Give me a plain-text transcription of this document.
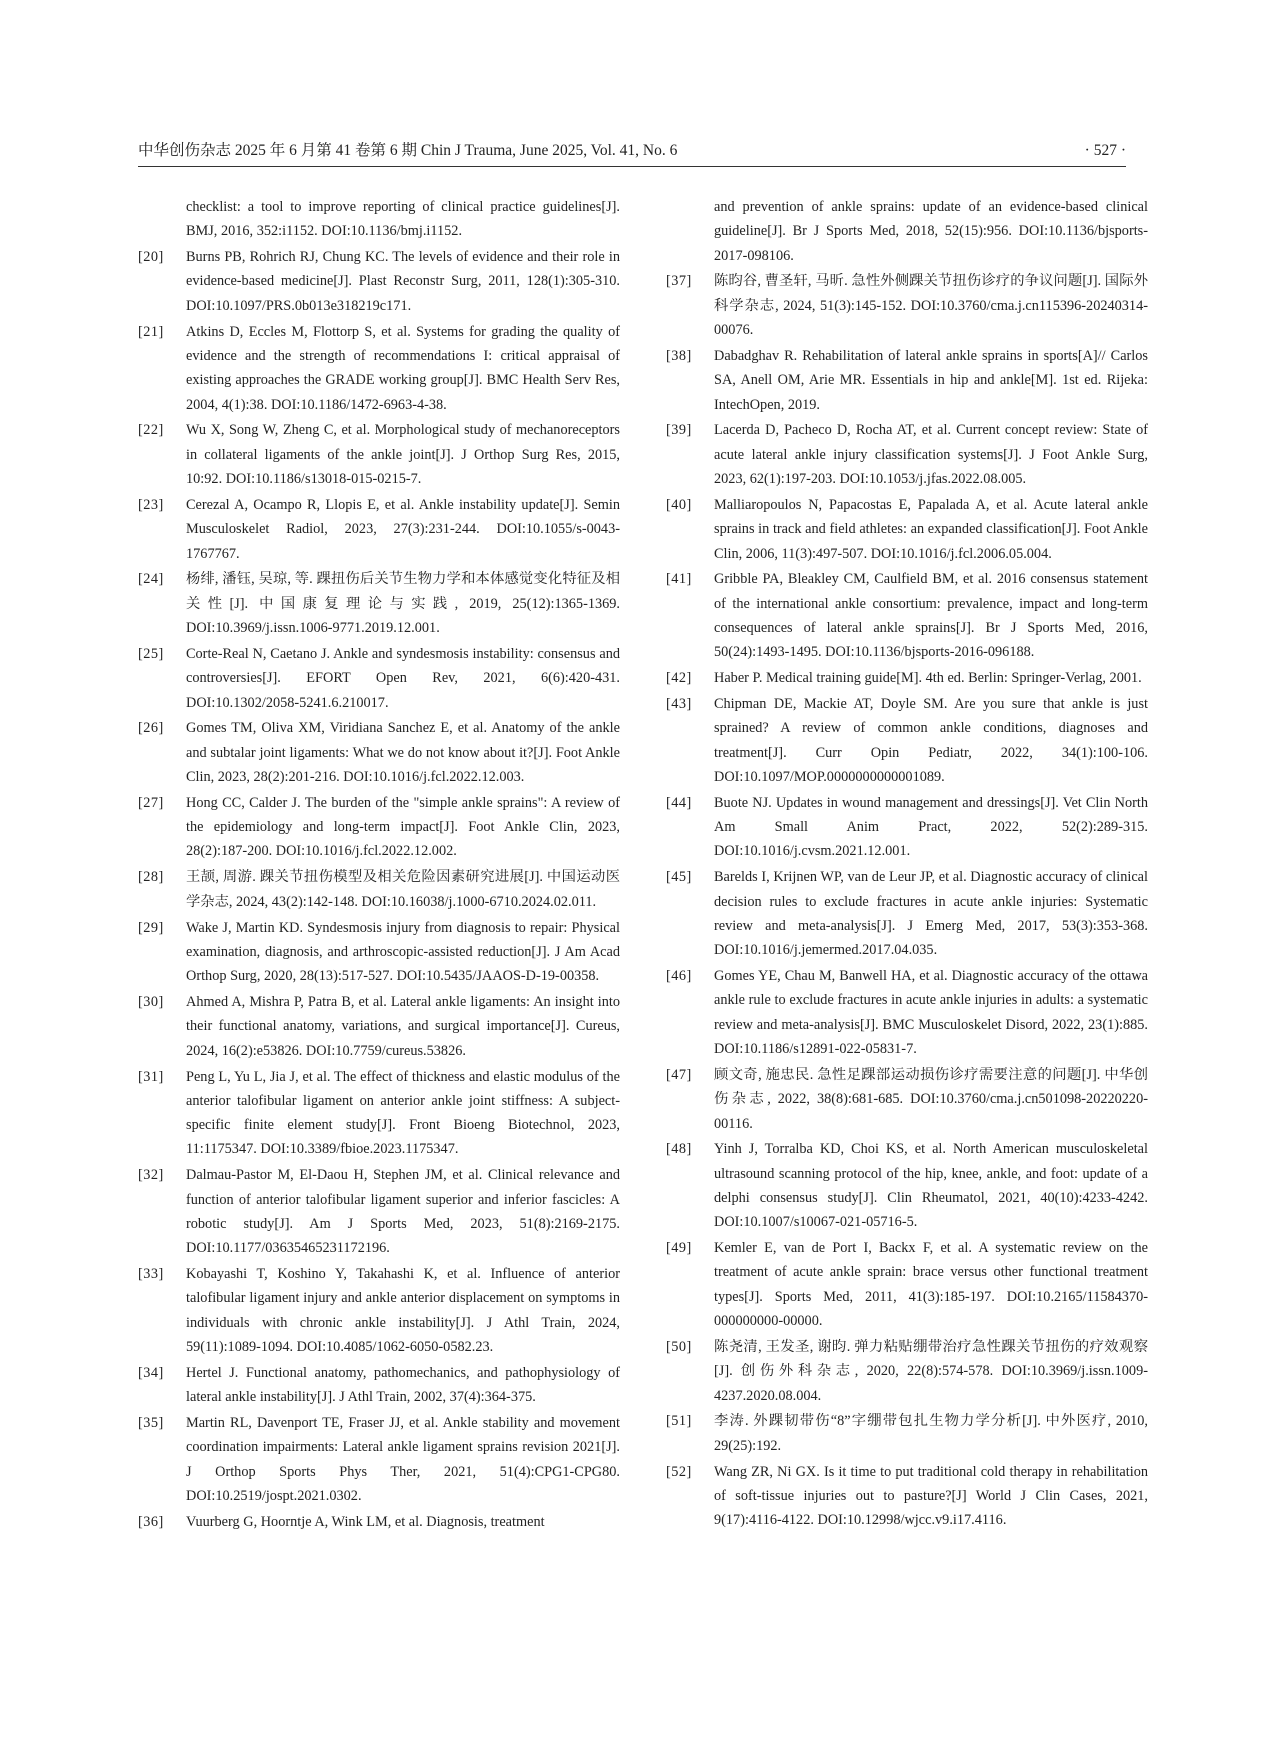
中华创伤杂志 2025 年 6 月第 41 卷第 6 期 Chin J Trauma, June 2025, Vol. 41, No. 6	· 527 ·
checklist: a tool to improve reporting of clinical practice guidelines[J]. BMJ, 2016, 352:i1152. DOI:10.1136/bmj.i1152.
[20] Burns PB, Rohrich RJ, Chung KC. The levels of evidence and their role in evidence-based medicine[J]. Plast Reconstr Surg, 2011, 128(1):305-310. DOI:10.1097/PRS.0b013e318219c171.
[21] Atkins D, Eccles M, Flottorp S, et al. Systems for grading the quality of evidence and the strength of recommendations I: critical appraisal of existing approaches the GRADE working group[J]. BMC Health Serv Res, 2004, 4(1):38. DOI:10.1186/1472-6963-4-38.
[22] Wu X, Song W, Zheng C, et al. Morphological study of mechanoreceptors in collateral ligaments of the ankle joint[J]. J Orthop Surg Res, 2015, 10:92. DOI:10.1186/s13018-015-0215-7.
[23] Cerezal A, Ocampo R, Llopis E, et al. Ankle instability update[J]. Semin Musculoskelet Radiol, 2023, 27(3):231-244. DOI:10.1055/s-0043-1767767.
[24] 杨绯, 潘钰, 吴琼, 等. 踝扭伤后关节生物力学和本体感觉变化特征及相关性[J]. 中国康复理论与实践, 2019, 25(12):1365-1369. DOI:10.3969/j.issn.1006-9771.2019.12.001.
[25] Corte-Real N, Caetano J. Ankle and syndesmosis instability: consensus and controversies[J]. EFORT Open Rev, 2021, 6(6):420-431. DOI:10.1302/2058-5241.6.210017.
[26] Gomes TM, Oliva XM, Viridiana Sanchez E, et al. Anatomy of the ankle and subtalar joint ligaments: What we do not know about it?[J]. Foot Ankle Clin, 2023, 28(2):201-216. DOI:10.1016/j.fcl.2022.12.003.
[27] Hong CC, Calder J. The burden of the "simple ankle sprains": A review of the epidemiology and long-term impact[J]. Foot Ankle Clin, 2023, 28(2):187-200. DOI:10.1016/j.fcl.2022.12.002.
[28] 王颉, 周游. 踝关节扭伤模型及相关危险因素研究进展[J]. 中国运动医学杂志, 2024, 43(2):142-148. DOI:10.16038/j.1000-6710.2024.02.011.
[29] Wake J, Martin KD. Syndesmosis injury from diagnosis to repair: Physical examination, diagnosis, and arthroscopic-assisted reduction[J]. J Am Acad Orthop Surg, 2020, 28(13):517-527. DOI:10.5435/JAAOS-D-19-00358.
[30] Ahmed A, Mishra P, Patra B, et al. Lateral ankle ligaments: An insight into their functional anatomy, variations, and surgical importance[J]. Cureus, 2024, 16(2):e53826. DOI:10.7759/cureus.53826.
[31] Peng L, Yu L, Jia J, et al. The effect of thickness and elastic modulus of the anterior talofibular ligament on anterior ankle joint stiffness: A subject-specific finite element study[J]. Front Bioeng Biotechnol, 2023, 11:1175347. DOI:10.3389/fbioe.2023.1175347.
[32] Dalmau-Pastor M, El-Daou H, Stephen JM, et al. Clinical relevance and function of anterior talofibular ligament superior and inferior fascicles: A robotic study[J]. Am J Sports Med, 2023, 51(8):2169-2175. DOI:10.1177/03635465231172196.
[33] Kobayashi T, Koshino Y, Takahashi K, et al. Influence of anterior talofibular ligament injury and ankle anterior displacement on symptoms in individuals with chronic ankle instability[J]. J Athl Train, 2024, 59(11):1089-1094. DOI:10.4085/1062-6050-0582.23.
[34] Hertel J. Functional anatomy, pathomechanics, and pathophysiology of lateral ankle instability[J]. J Athl Train, 2002, 37(4):364-375.
[35] Martin RL, Davenport TE, Fraser JJ, et al. Ankle stability and movement coordination impairments: Lateral ankle ligament sprains revision 2021[J]. J Orthop Sports Phys Ther, 2021, 51(4):CPG1-CPG80. DOI:10.2519/jospt.2021.0302.
[36] Vuurberg G, Hoorntje A, Wink LM, et al. Diagnosis, treatment
and prevention of ankle sprains: update of an evidence-based clinical guideline[J]. Br J Sports Med, 2018, 52(15):956. DOI:10.1136/bjsports-2017-098106.
[37] 陈昀谷, 曹圣轩, 马昕. 急性外侧踝关节扭伤诊疗的争议问题[J]. 国际外科学杂志, 2024, 51(3):145-152. DOI:10.3760/cma.j.cn115396-20240314-00076.
[38] Dabadghav R. Rehabilitation of lateral ankle sprains in sports[A]// Carlos SA, Anell OM, Arie MR. Essentials in hip and ankle[M]. 1st ed. Rijeka: IntechOpen, 2019.
[39] Lacerda D, Pacheco D, Rocha AT, et al. Current concept review: State of acute lateral ankle injury classification systems[J]. J Foot Ankle Surg, 2023, 62(1):197-203. DOI:10.1053/j.jfas.2022.08.005.
[40] Malliaropoulos N, Papacostas E, Papalada A, et al. Acute lateral ankle sprains in track and field athletes: an expanded classification[J]. Foot Ankle Clin, 2006, 11(3):497-507. DOI:10.1016/j.fcl.2006.05.004.
[41] Gribble PA, Bleakley CM, Caulfield BM, et al. 2016 consensus statement of the international ankle consortium: prevalence, impact and long-term consequences of lateral ankle sprains[J]. Br J Sports Med, 2016, 50(24):1493-1495. DOI:10.1136/bjsports-2016-096188.
[42] Haber P. Medical training guide[M]. 4th ed. Berlin: Springer-Verlag, 2001.
[43] Chipman DE, Mackie AT, Doyle SM. Are you sure that ankle is just sprained? A review of common ankle conditions, diagnoses and treatment[J]. Curr Opin Pediatr, 2022, 34(1):100-106. DOI:10.1097/MOP.0000000000001089.
[44] Buote NJ. Updates in wound management and dressings[J]. Vet Clin North Am Small Anim Pract, 2022, 52(2):289-315. DOI:10.1016/j.cvsm.2021.12.001.
[45] Barelds I, Krijnen WP, van de Leur JP, et al. Diagnostic accuracy of clinical decision rules to exclude fractures in acute ankle injuries: Systematic review and meta-analysis[J]. J Emerg Med, 2017, 53(3):353-368. DOI:10.1016/j.jemermed.2017.04.035.
[46] Gomes YE, Chau M, Banwell HA, et al. Diagnostic accuracy of the ottawa ankle rule to exclude fractures in acute ankle injuries in adults: a systematic review and meta-analysis[J]. BMC Musculoskelet Disord, 2022, 23(1):885. DOI:10.1186/s12891-022-05831-7.
[47] 顾文奇, 施忠民. 急性足踝部运动损伤诊疗需要注意的问题[J]. 中华创伤杂志, 2022, 38(8):681-685. DOI:10.3760/cma.j.cn501098-20220220-00116.
[48] Yinh J, Torralba KD, Choi KS, et al. North American musculoskeletal ultrasound scanning protocol of the hip, knee, ankle, and foot: update of a delphi consensus study[J]. Clin Rheumatol, 2021, 40(10):4233-4242. DOI:10.1007/s10067-021-05716-5.
[49] Kemler E, van de Port I, Backx F, et al. A systematic review on the treatment of acute ankle sprain: brace versus other functional treatment types[J]. Sports Med, 2011, 41(3):185-197. DOI:10.2165/11584370-000000000-00000.
[50] 陈尧清, 王发圣, 谢昀. 弹力粘贴绷带治疗急性踝关节扭伤的疗效观察[J]. 创伤外科杂志, 2020, 22(8):574-578. DOI:10.3969/j.issn.1009-4237.2020.08.004.
[51] 李涛. 外踝韧带伤“8”字绷带包扎生物力学分析[J]. 中外医疗, 2010, 29(25):192.
[52] Wang ZR, Ni GX. Is it time to put traditional cold therapy in rehabilitation of soft-tissue injuries out to pasture?[J] World J Clin Cases, 2021, 9(17):4116-4122. DOI:10.12998/wjcc.v9.i17.4116.
